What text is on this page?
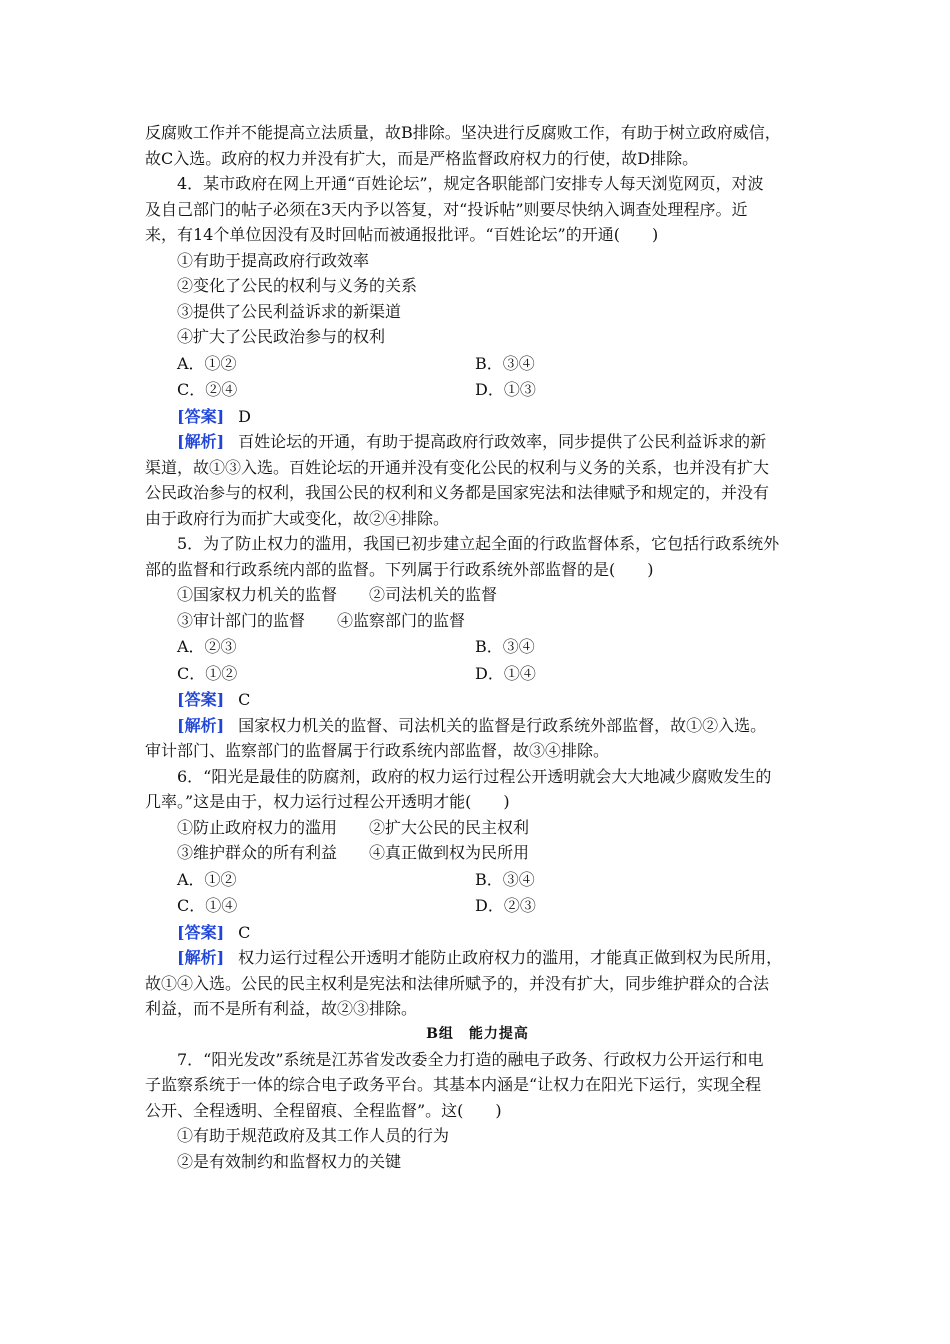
反腐败工作并不能提高立法质量，故B排除。坚决进行反腐败工作，有助于树立政府威信，
故C入选。政府的权力并没有扩大，而是严格监督政府权力的行使，故D排除。
4．某市政府在网上开通“百姓论坛”，规定各职能部门安排专人每天浏览网页，对波
及自己部门的帖子必须在3天内予以答复，对“投诉帖”则要尽快纳入调查处理程序。近
来，有14个单位因没有及时回帖而被通报批评。“百姓论坛”的开通(　　)
①有助于提高政府行政效率
②变化了公民的权利与义务的关系
③提供了公民利益诉求的新渠道
④扩大了公民政治参与的权利
A．①②	B．③④
C．②④	D．①③
[答案] D
[解析] 百姓论坛的开通，有助于提高政府行政效率，同步提供了公民利益诉求的新
渠道，故①③入选。百姓论坛的开通并没有变化公民的权利与义务的关系，也并没有扩大
公民政治参与的权利，我国公民的权利和义务都是国家宪法和法律赋予和规定的，并没有
由于政府行为而扩大或变化，故②④排除。
5．为了防止权力的滥用，我国已初步建立起全面的行政监督体系，它包括行政系统外
部的监督和行政系统内部的监督。下列属于行政系统外部监督的是(　　)
①国家权力机关的监督　　②司法机关的监督
③审计部门的监督　　④监察部门的监督
A．②③	B．③④
C．①②	D．①④
[答案] C
[解析] 国家权力机关的监督、司法机关的监督是行政系统外部监督，故①②入选。
审计部门、监察部门的监督属于行政系统内部监督，故③④排除。
6．“阳光是最佳的防腐剂，政府的权力运行过程公开透明就会大大地减少腐败发生的
几率。”这是由于，权力运行过程公开透明才能(　　)
①防止政府权力的滥用　　②扩大公民的民主权利
③维护群众的所有利益　　④真正做到权为民所用
A．①②	B．③④
C．①④	D．②③
[答案] C
[解析] 权力运行过程公开透明才能防止政府权力的滥用，才能真正做到权为民所用，
故①④入选。公民的民主权利是宪法和法律所赋予的，并没有扩大，同步维护群众的合法
利益，而不是所有利益，故②③排除。
B组　能力提高
7．“阳光发改”系统是江苏省发改委全力打造的融电子政务、行政权力公开运行和电
子监察系统于一体的综合电子政务平台。其基本内涵是“让权力在阳光下运行，实现全程
公开、全程透明、全程留痕、全程监督”。这(　　)
①有助于规范政府及其工作人员的行为
②是有效制约和监督权力的关键
